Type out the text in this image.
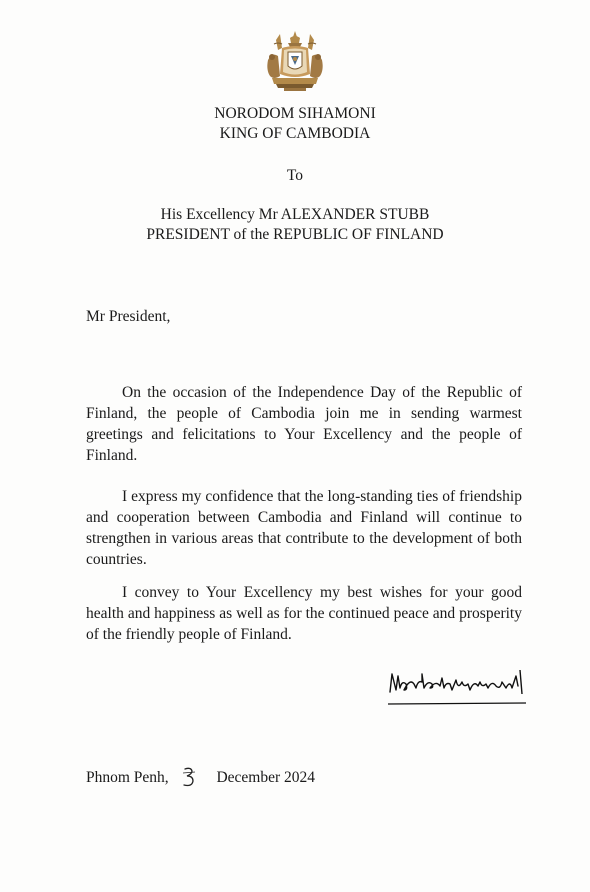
NORODOM SIHAMONI
KING OF CAMBODIA
To
His Excellency Mr ALEXANDER STUBB
PRESIDENT of the REPUBLIC OF FINLAND
Mr President,

On the occasion of the Independence Day of the Republic of Finland, the people of Cambodia join me in sending warmest greetings and felicitations to Your Excellency and the people of Finland.

I express my confidence that the long-standing ties of friendship and cooperation between Cambodia and Finland will continue to strengthen in various areas that contribute to the development of both countries.

I convey to Your Excellency my best wishes for your good health and happiness as well as for the continued peace and prosperity of the friendly people of Finland.

Phnom Penh,	December 2024
